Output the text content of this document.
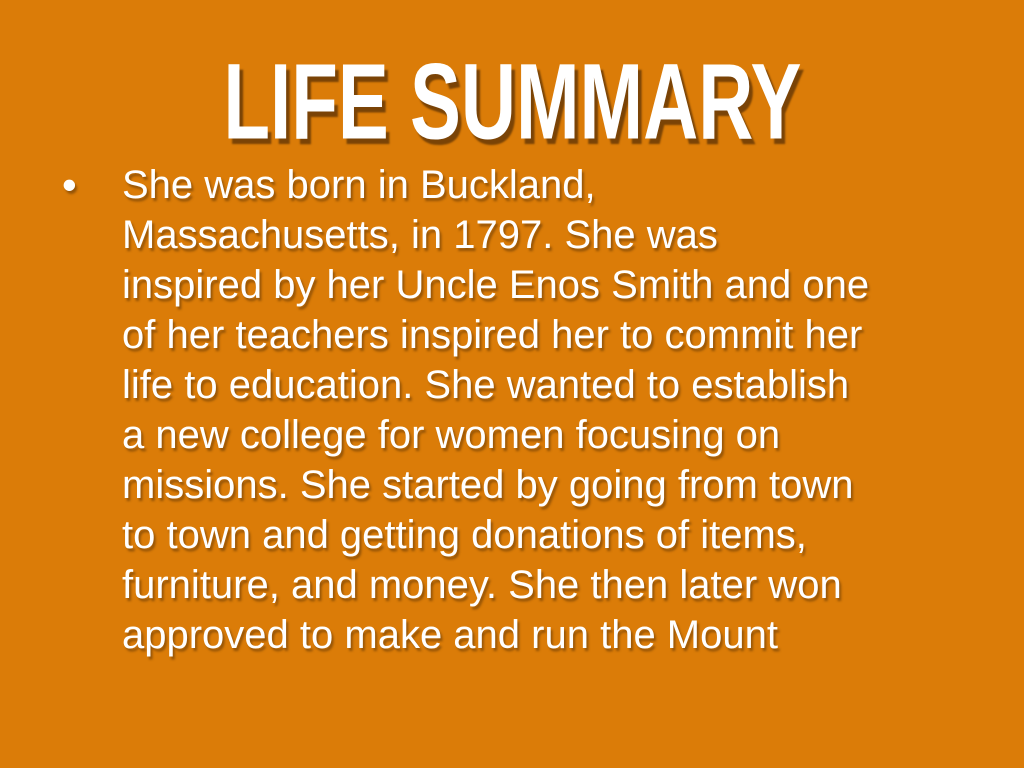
LIFE SUMMARY
• She was born in Buckland,
Massachusetts, in 1797. She was
inspired by her Uncle Enos Smith and one
of her teachers inspired her to commit her
life to education. She wanted to establish
a new college for women focusing on
missions. She started by going from town
to town and getting donations of items,
furniture, and money. She then later won
approved to make and run the Mount
